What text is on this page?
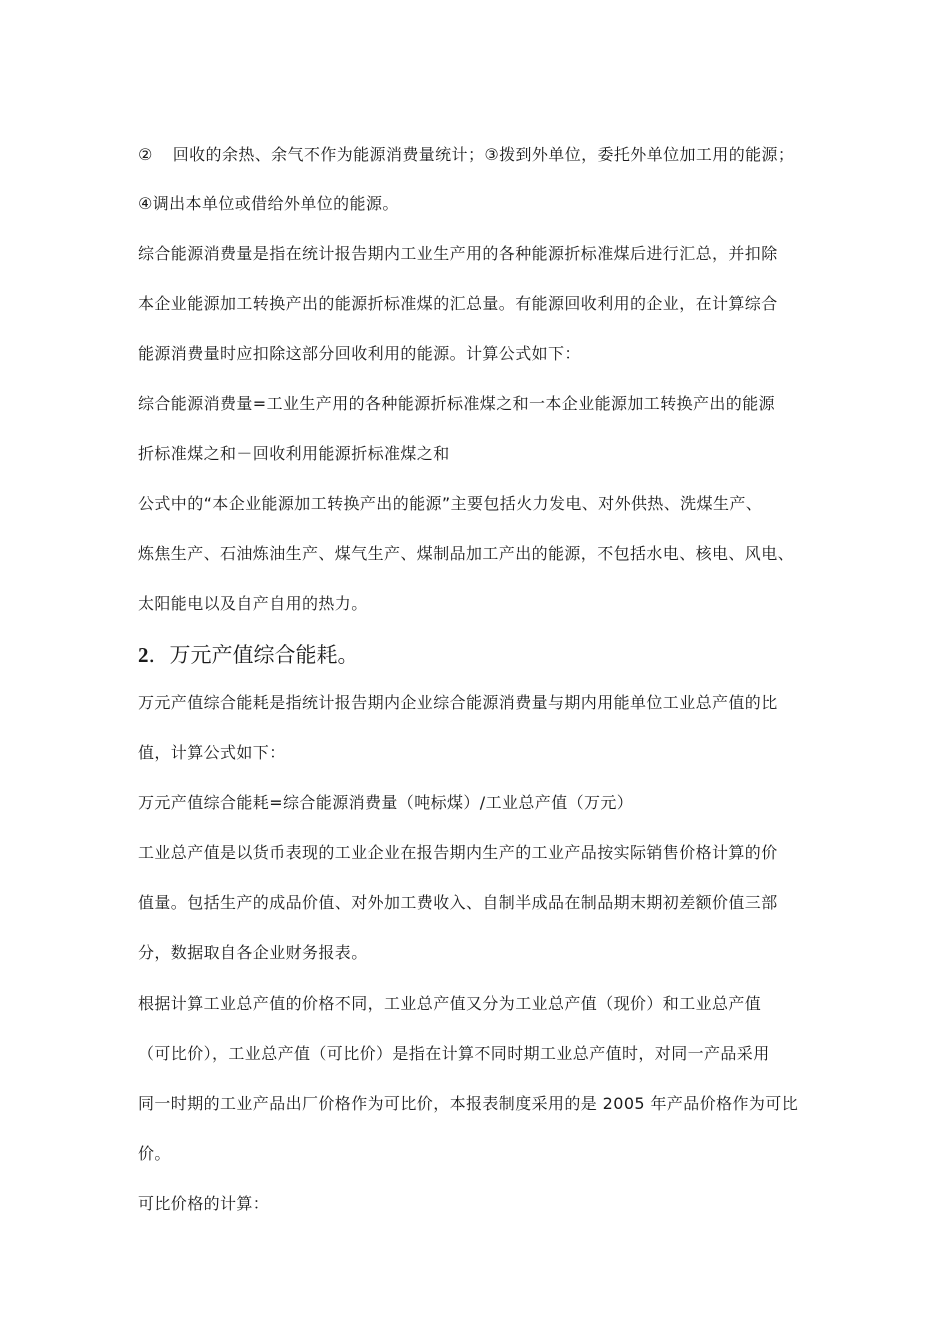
② 回收的余热、余气不作为能源消费量统计；③拨到外单位，委托外单位加工用的能源；
④调出本单位或借给外单位的能源。
综合能源消费量是指在统计报告期内工业生产用的各种能源折标准煤后进行汇总，并扣除
本企业能源加工转换产出的能源折标准煤的汇总量。有能源回收利用的企业，在计算综合
能源消费量时应扣除这部分回收利用的能源。计算公式如下：
综合能源消费量=工业生产用的各种能源折标准煤之和一本企业能源加工转换产出的能源
折标准煤之和－回收利用能源折标准煤之和
公式中的“本企业能源加工转换产出的能源”主要包括火力发电、对外供热、洗煤生产、
炼焦生产、石油炼油生产、煤气生产、煤制品加工产出的能源，不包括水电、核电、风电、
太阳能电以及自产自用的热力。
2．万元产值综合能耗。
万元产值综合能耗是指统计报告期内企业综合能源消费量与期内用能单位工业总产值的比
值，计算公式如下：
万元产值综合能耗=综合能源消费量（吨标煤）/工业总产值（万元）
工业总产值是以货币表现的工业企业在报告期内生产的工业产品按实际销售价格计算的价
值量。包括生产的成品价值、对外加工费收入、自制半成品在制品期末期初差额价值三部
分，数据取自各企业财务报表。
根据计算工业总产值的价格不同，工业总产值又分为工业总产值（现价）和工业总产值
（可比价），工业总产值（可比价）是指在计算不同时期工业总产值时，对同一产品采用
同一时期的工业产品出厂价格作为可比价，本报表制度采用的是 2005 年产品价格作为可比
价。
可比价格的计算：
